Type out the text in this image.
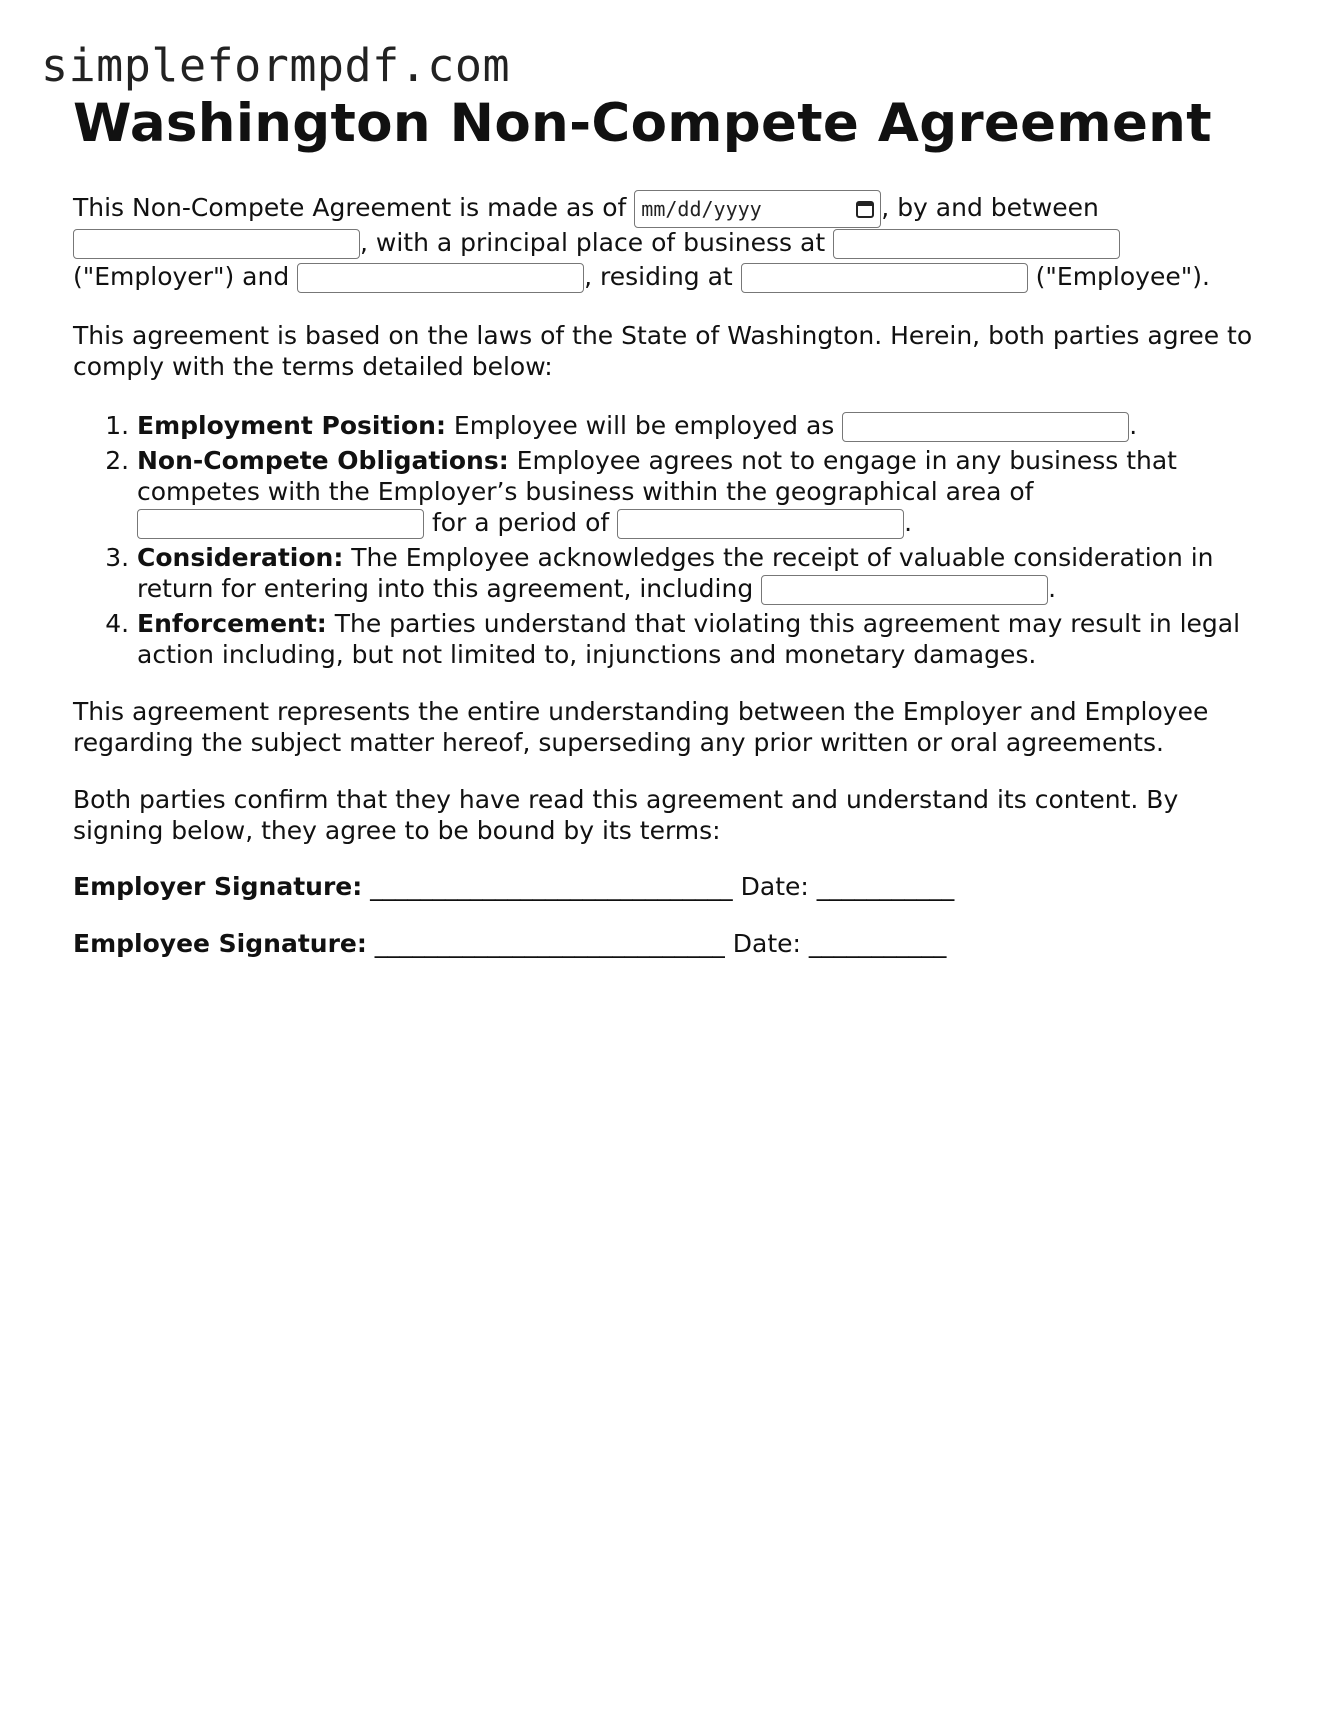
simpleformpdf.com
Washington Non-Compete Agreement
This Non-Compete Agreement is made as of mm/dd/yyyy	, by and between
, with a principal place of business at
("Employer") and	, residing at	("Employee").

This agreement is based on the laws of the State of Washington. Herein, both parties agree to comply with the terms detailed below:

1. Employment Position: Employee will be employed as	.
2. Non-Compete Obligations: Employee agrees not to engage in any business that competes with the Employer’s business within the geographical area of  for a period of	.
3. Consideration: The Employee acknowledges the receipt of valuable consideration in return for entering into this agreement, including	.
4. Enforcement: The parties understand that violating this agreement may result in legal action including, but not limited to, injunctions and monetary damages.

This agreement represents the entire understanding between the Employer and Employee regarding the subject matter hereof, superseding any prior written or oral agreements.

Both parties confirm that they have read this agreement and understand its content. By signing below, they agree to be bound by its terms:

Employer Signature: _____________________________ Date: ___________
Employee Signature: ____________________________ Date: ___________
